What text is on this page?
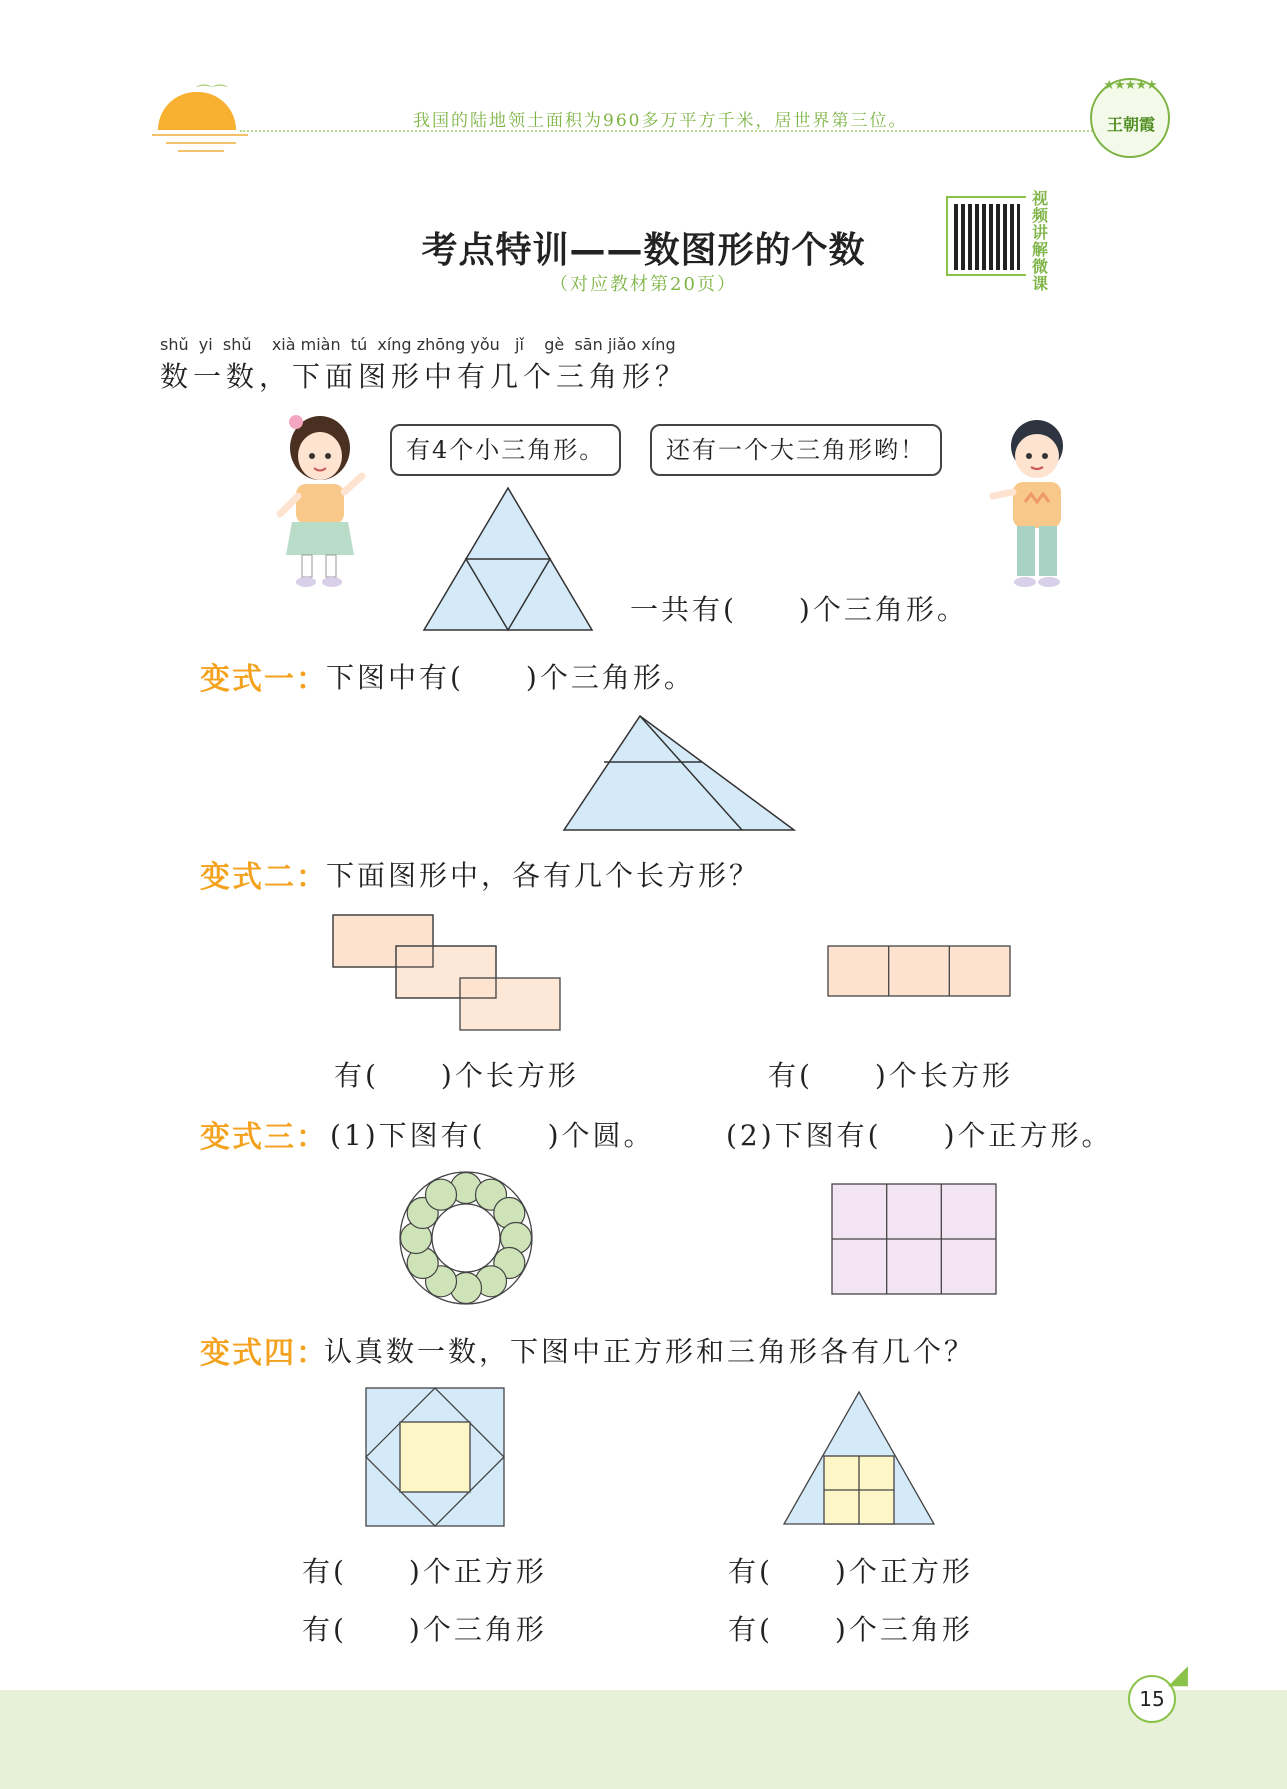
⌒⌒
我国的陆地领土面积为960多万平方千米，居世界第三位。
★★★★★
王朝霞
考点特训——数图形的个数
（对应教材第20页）
视频讲解微课
shǔ  yi  shǔ    xià miàn  tú  xíng zhōng yǒu   jǐ    gè  sān jiǎo xíng
数一数，下面图形中有几个三角形？
有4个小三角形。	还有一个大三角形哟！
一共有(　　)个三角形。
变式一：
下图中有(　　)个三角形。
变式二：
下面图形中，各有几个长方形？
有(　　)个长方形	有(　　)个长方形
变式三： (1)下图有(　　)个圆。	(2)下图有(　　)个正方形。
变式四：
认真数一数，下图中正方形和三角形各有几个？
有(　　)个正方形
有(　　)个三角形
有(　　)个正方形
有(　　)个三角形
15
◢
